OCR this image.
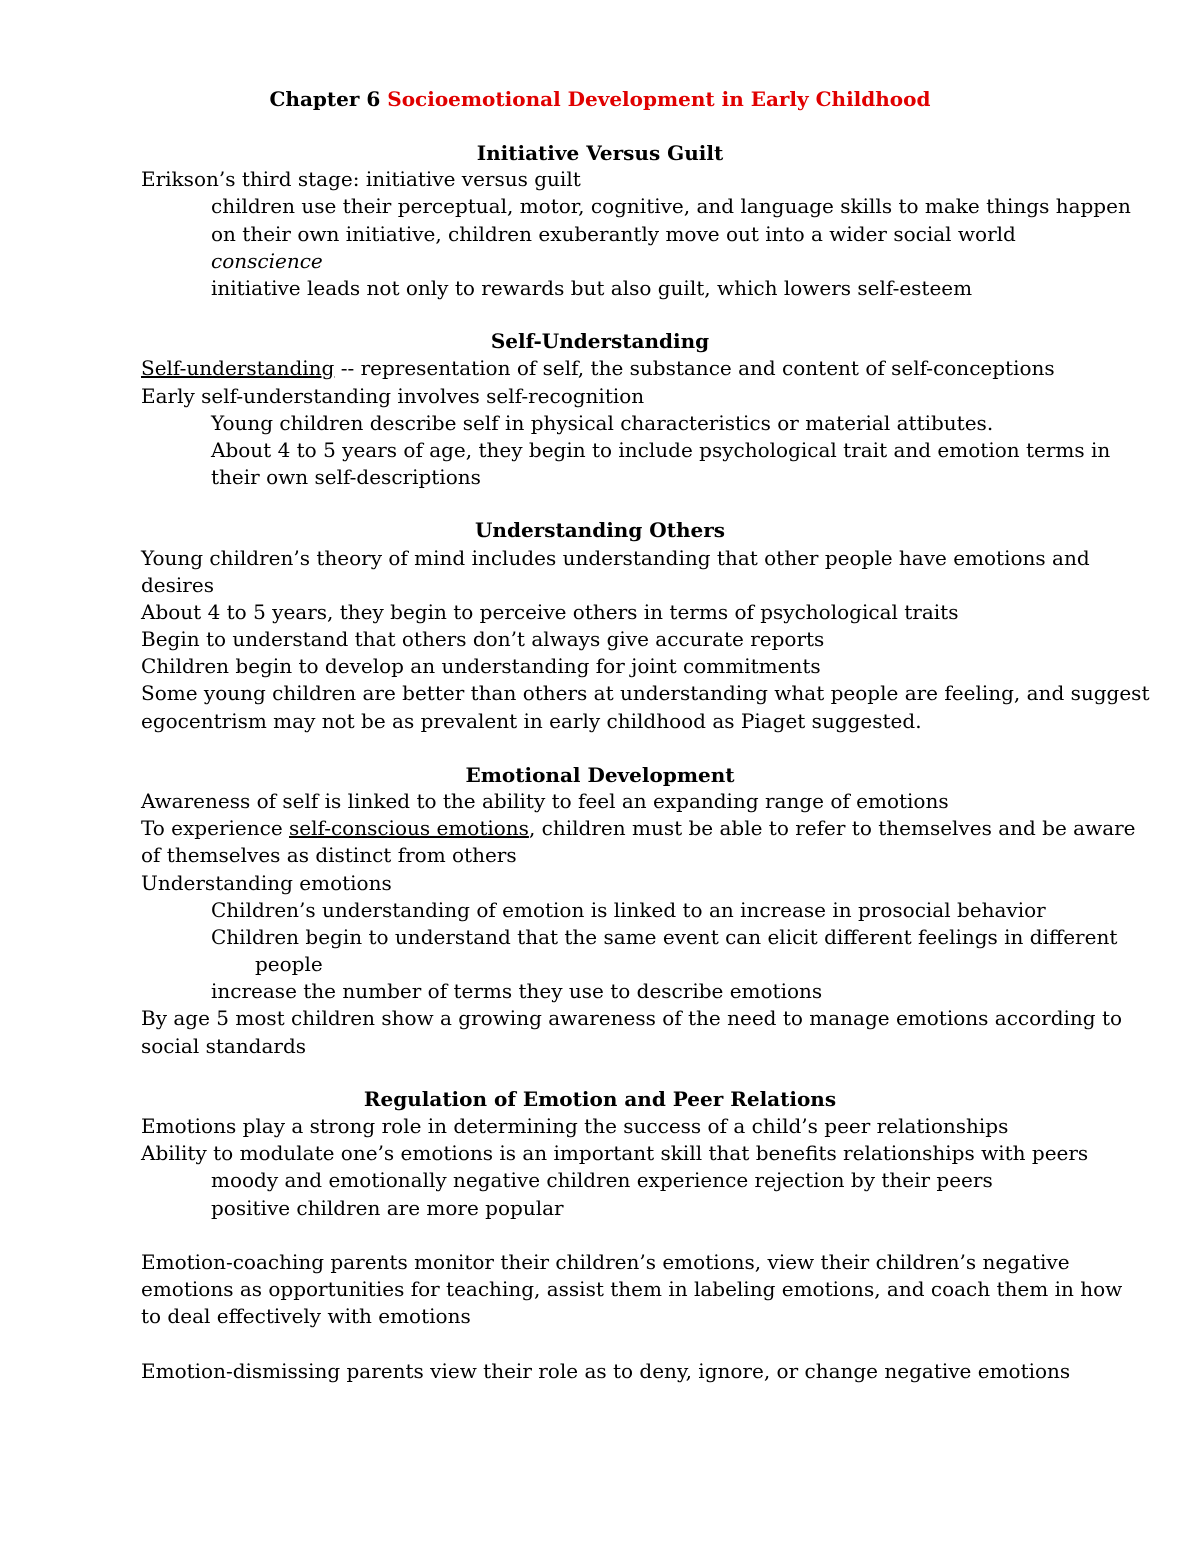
Chapter 6 Socioemotional Development in Early Childhood
Initiative Versus Guilt
Erikson’s third stage: initiative versus guilt
children use their perceptual, motor, cognitive, and language skills to make things happen
on their own initiative, children exuberantly move out into a wider social world
conscience
initiative leads not only to rewards but also guilt, which lowers self-esteem
Self-Understanding
Self-understanding -- representation of self, the substance and content of self-conceptions
Early self-understanding involves self-recognition
Young children describe self in physical characteristics or material attibutes.
About 4 to 5 years of age, they begin to include psychological trait and emotion terms in
their own self-descriptions
Understanding Others
Young children’s theory of mind includes understanding that other people have emotions and
desires
About 4 to 5 years, they begin to perceive others in terms of psychological traits
Begin to understand that others don’t always give accurate reports
Children begin to develop an understanding for joint commitments
Some young children are better than others at understanding what people are feeling, and suggest
egocentrism may not be as prevalent in early childhood as Piaget suggested.
Emotional Development
Awareness of self is linked to the ability to feel an expanding range of emotions
To experience self-conscious emotions, children must be able to refer to themselves and be aware
of themselves as distinct from others
Understanding emotions
Children’s understanding of emotion is linked to an increase in prosocial behavior
Children begin to understand that the same event can elicit different feelings in different
people
increase the number of terms they use to describe emotions
By age 5 most children show a growing awareness of the need to manage emotions according to
social standards
Regulation of Emotion and Peer Relations
Emotions play a strong role in determining the success of a child’s peer relationships
Ability to modulate one’s emotions is an important skill that benefits relationships with peers
moody and emotionally negative children experience rejection by their peers
positive children are more popular
Emotion-coaching parents monitor their children’s emotions, view their children’s negative
emotions as opportunities for teaching, assist them in labeling emotions, and coach them in how
to deal effectively with emotions
Emotion-dismissing parents view their role as to deny, ignore, or change negative emotions
